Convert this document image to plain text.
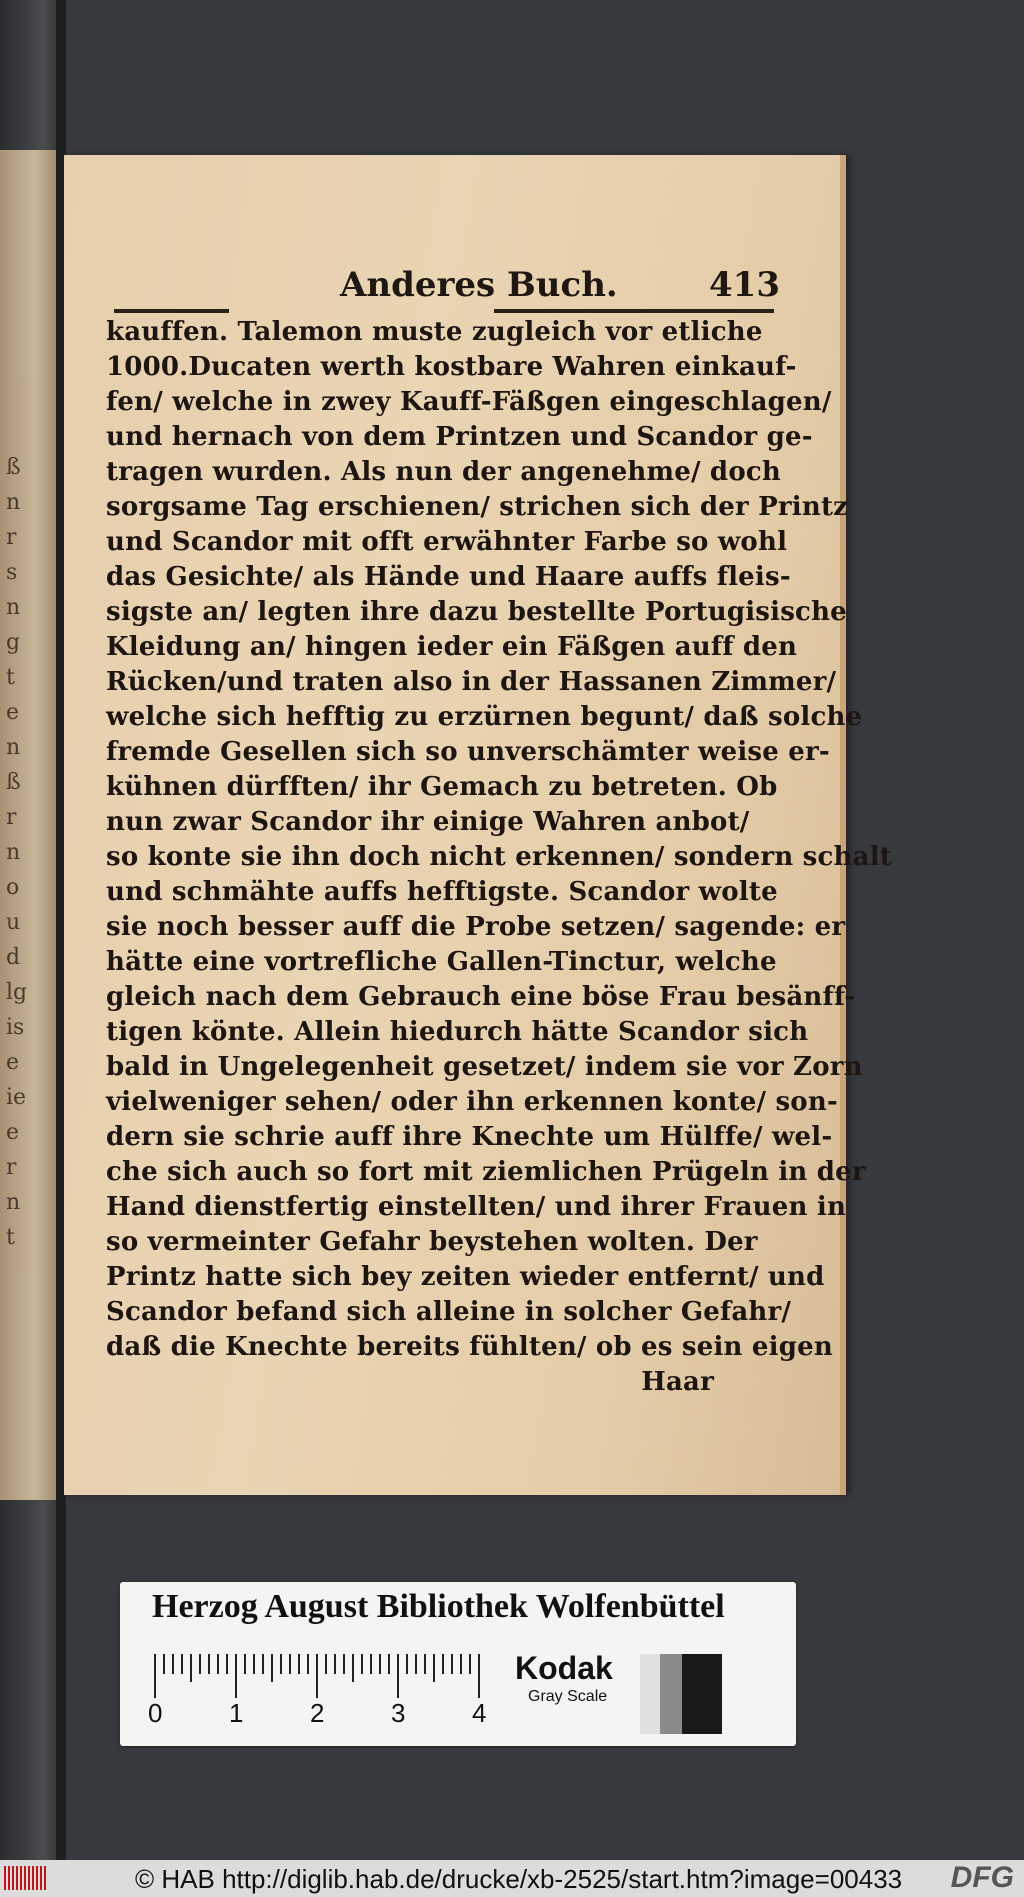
ß
n
r
s
n
g
t
e
n
ß
r
n
o
u
d
lg
is
e
ie
e
r
n
t
Anderes Buch.	413
kauffen. Talemon muste zugleich vor etliche
1000.Ducaten werth kostbare Wahren einkauf-
fen/ welche in zwey Kauff-Fäßgen eingeschlagen/
und hernach von dem Printzen und Scandor ge-
tragen wurden. Als nun der angenehme/ doch
sorgsame Tag erschienen/ strichen sich der Printz
und Scandor mit offt erwähnter Farbe so wohl
das Gesichte/ als Hände und Haare auffs fleis-
sigste an/ legten ihre dazu bestellte Portugisische
Kleidung an/ hingen ieder ein Fäßgen auff den
Rücken/und traten also in der Hassanen Zimmer/
welche sich hefftig zu erzürnen begunt/ daß solche
fremde Gesellen sich so unverschämter weise er-
kühnen dürfften/ ihr Gemach zu betreten. Ob
nun zwar Scandor ihr einige Wahren anbot/
so konte sie ihn doch nicht erkennen/ sondern schalt
und schmähte auffs hefftigste. Scandor wolte
sie noch besser auff die Probe setzen/ sagende: er
hätte eine vortrefliche Gallen-Tinctur, welche
gleich nach dem Gebrauch eine böse Frau besänff-
tigen könte. Allein hiedurch hätte Scandor sich
bald in Ungelegenheit gesetzet/ indem sie vor Zorn
vielweniger sehen/ oder ihn erkennen konte/ son-
dern sie schrie auff ihre Knechte um Hülffe/ wel-
che sich auch so fort mit ziemlichen Prügeln in der
Hand dienstfertig einstellten/ und ihrer Frauen in
so vermeinter Gefahr beystehen wolten. Der
Printz hatte sich bey zeiten wieder entfernt/ und
Scandor befand sich alleine in solcher Gefahr/
daß die Knechte bereits fühlten/ ob es sein eigen
Haar
Herzog August Bibliothek Wolfenbüttel
0	1	2	3	4
Kodak
Gray Scale
© HAB http://diglib.hab.de/drucke/xb-2525/start.htm?image=00433 DFG
